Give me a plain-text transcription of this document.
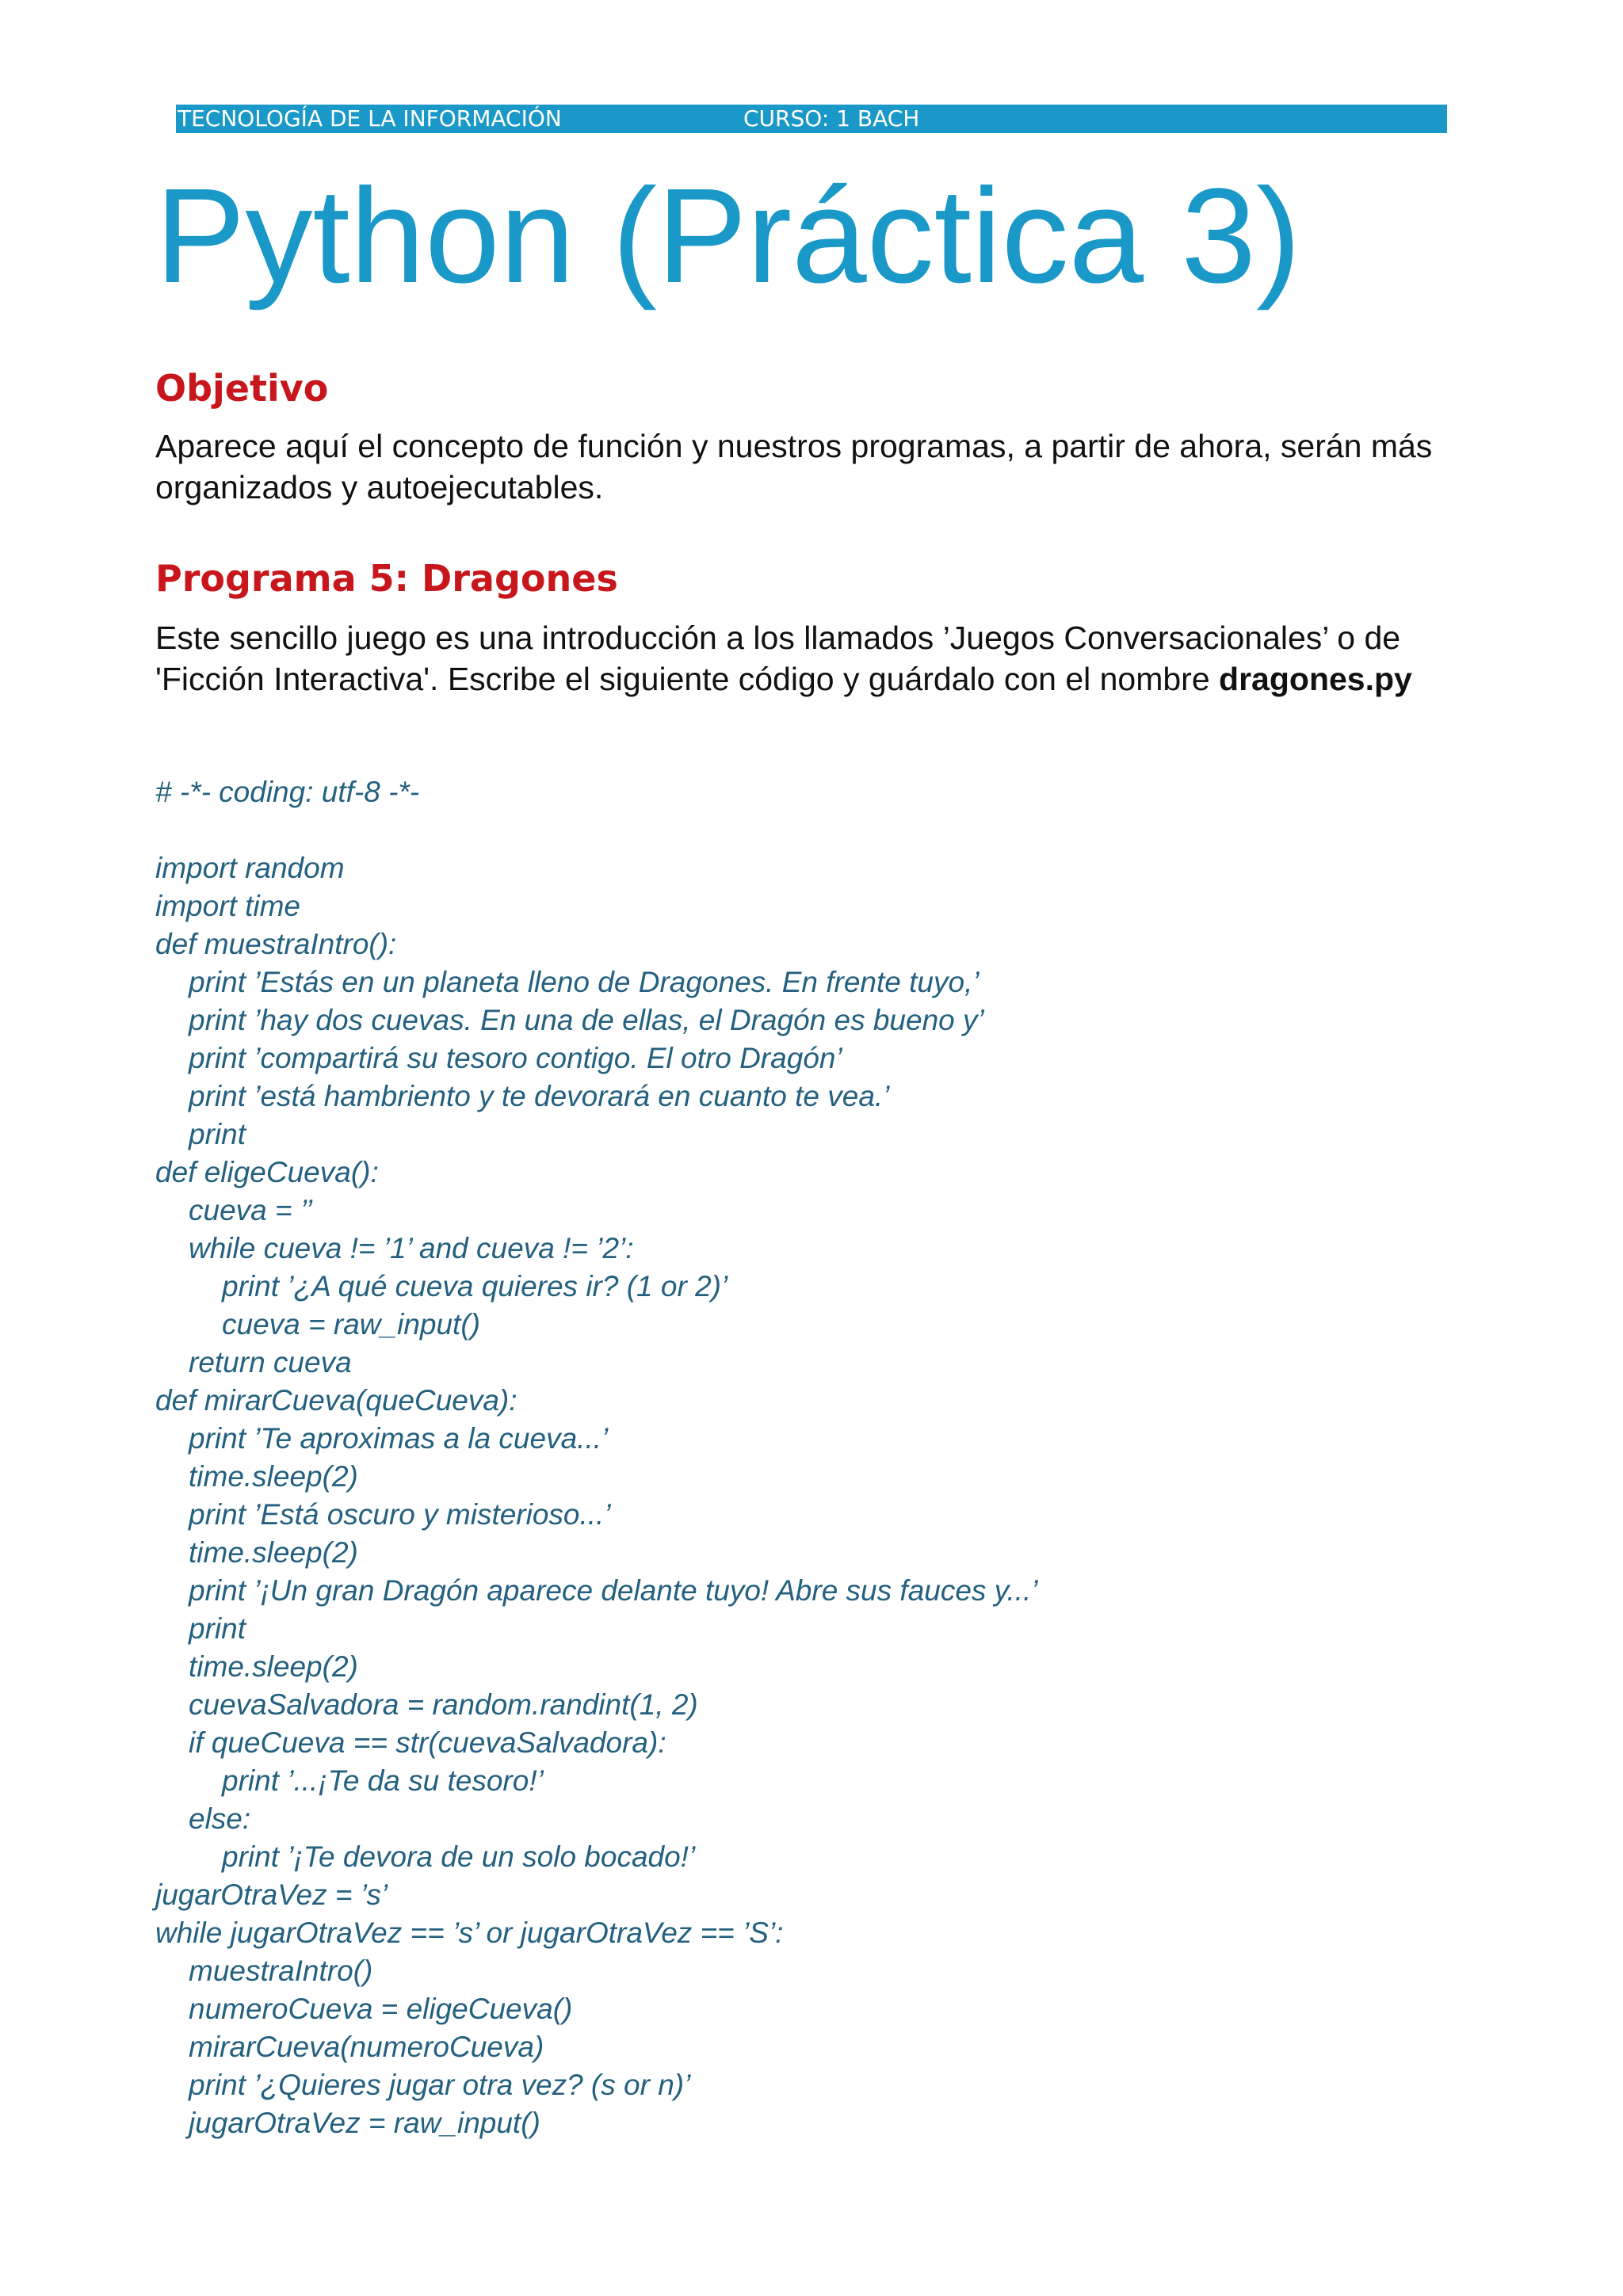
TECNOLOGÍA DE LA INFORMACIÓN	CURSO: 1 BACH
Python (Práctica 3)
Objetivo

Aparece aquí el concepto de función y nuestros programas, a partir de ahora, serán más organizados y autoejecutables.

Programa 5: Dragones

Este sencillo juego es una introducción a los llamados ’Juegos Conversacionales’ o de 'Ficción Interactiva'. Escribe el siguiente código y guárdalo con el nombre dragones.py

# -*- coding: utf-8 -*-
import random
import time
def muestraIntro():
print ’Estás en un planeta lleno de Dragones. En frente tuyo,’
print ’hay dos cuevas. En una de ellas, el Dragón es bueno y’
print ’compartirá su tesoro contigo. El otro Dragón’
print ’está hambriento y te devorará en cuanto te vea.’
print
def eligeCueva():
cueva = ’’
while cueva != ’1’ and cueva != ’2’:
print ’¿A qué cueva quieres ir? (1 or 2)’
cueva = raw_input()
return cueva
def mirarCueva(queCueva):
print ’Te aproximas a la cueva...’
time.sleep(2)
print ’Está oscuro y misterioso...’
time.sleep(2)
print ’¡Un gran Dragón aparece delante tuyo! Abre sus fauces y...’
print
time.sleep(2)
cuevaSalvadora = random.randint(1, 2)
if queCueva == str(cuevaSalvadora):
print ’...¡Te da su tesoro!’
else:
print ’¡Te devora de un solo bocado!’
jugarOtraVez = ’s’
while jugarOtraVez == ’s’ or jugarOtraVez == ’S’:
muestraIntro()
numeroCueva = eligeCueva()
mirarCueva(numeroCueva)
print ’¿Quieres jugar otra vez? (s or n)’
jugarOtraVez = raw_input()
